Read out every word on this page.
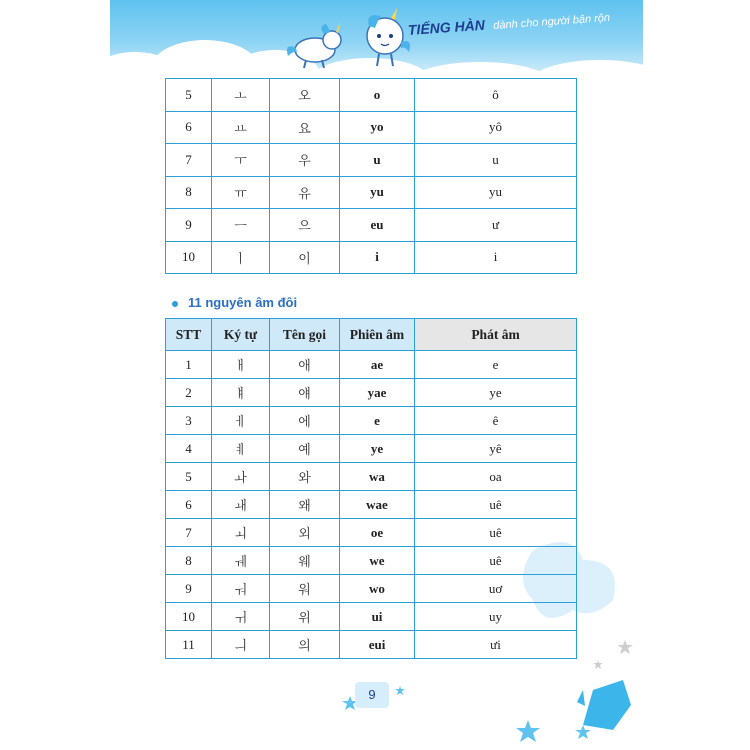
TIẾNG HÀN dành cho người bận rộn
5	ㅗ	오	o	ô
6	ㅛ	요	yo	yô
7	ㅜ	우	u	u
8	ㅠ	유	yu	yu
9	ㅡ	으	eu	ư
10	ㅣ	이	i	i
11 nguyên âm đôi
STT	Ký tự	Tên gọi	Phiên âm	Phát âm
1	ㅐ	애	ae	e
2	ㅒ	얘	yae	ye
3	ㅔ	에	e	ê
4	ㅖ	예	ye	yê
5	ㅘ	와	wa	oa
6	ㅙ	왜	wae	uê
7	ㅚ	외	oe	uê
8	ㅞ	웨	we	uê
9	ㅝ	워	wo	uơ
10	ㅟ	위	ui	uy
11	ㅢ	의	eui	ưi
9
